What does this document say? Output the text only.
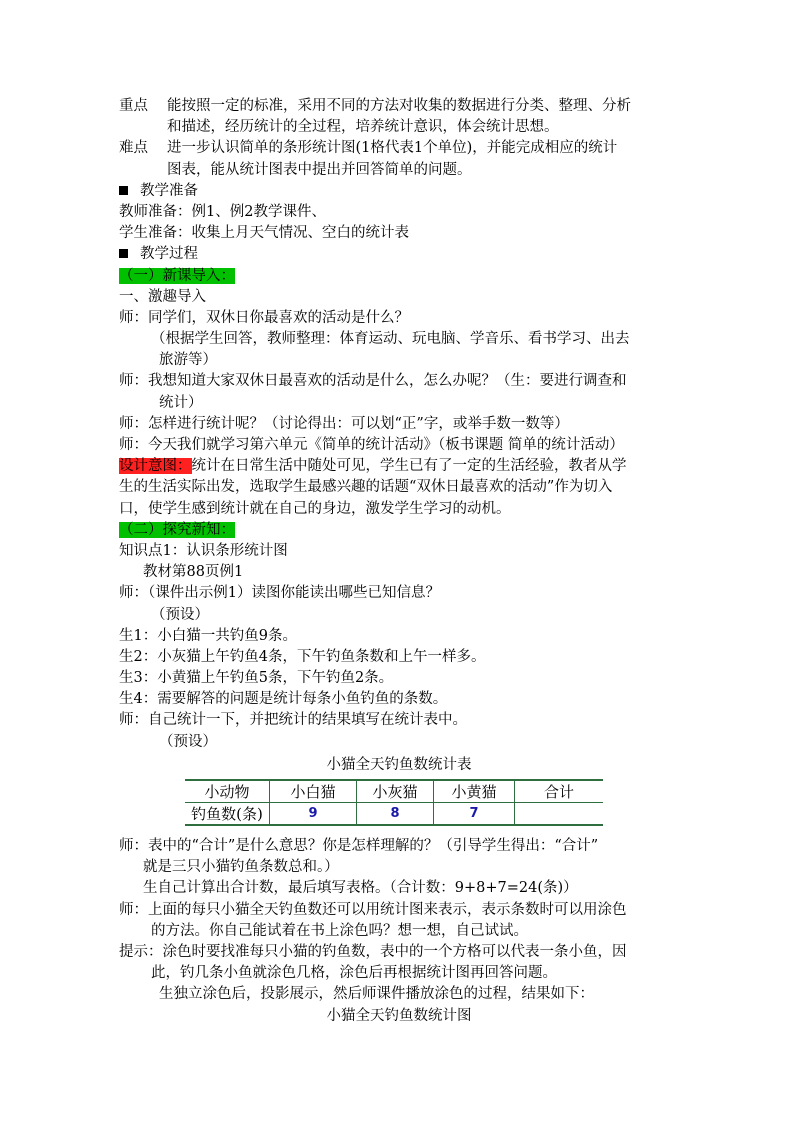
重点 能按照一定的标准，采用不同的方法对收集的数据进行分类、整理、分析
和描述，经历统计的全过程，培养统计意识，体会统计思想。
难点 进一步认识简单的条形统计图(1格代表1个单位)，并能完成相应的统计
图表，能从统计图表中提出并回答简单的问题。
教学准备
教师准备：例1、例2教学课件、
学生准备：收集上月天气情况、空白的统计表
教学过程
（一）新课导入：
一、激趣导入
师：同学们，双休日你最喜欢的活动是什么？
（根据学生回答，教师整理：体育运动、玩电脑、学音乐、看书学习、出去
旅游等）
师：我想知道大家双休日最喜欢的活动是什么，怎么办呢？（生：要进行调查和
统计）
师：怎样进行统计呢？（讨论得出：可以划“正”字，或举手数一数等）
师：今天我们就学习第六单元《简单的统计活动》（板书课题 简单的统计活动）
设计意图：统计在日常生活中随处可见，学生已有了一定的生活经验，教者从学
生的生活实际出发，选取学生最感兴趣的话题“双休日最喜欢的活动”作为切入
口，使学生感到统计就在自己的身边，激发学生学习的动机。
（二）探究新知：
知识点1：认识条形统计图
教材第88页例1
师：（课件出示例1）读图你能读出哪些已知信息？
（预设）
生1：小白猫一共钓鱼9条。
生2：小灰猫上午钓鱼4条，下午钓鱼条数和上午一样多。
生3：小黄猫上午钓鱼5条，下午钓鱼2条。
生4：需要解答的问题是统计每条小鱼钓鱼的条数。
师：自己统计一下，并把统计的结果填写在统计表中。
（预设）
小猫全天钓鱼数统计表
小动物	小白猫	小灰猫	小黄猫	合计
钓鱼数(条)	9	8	7	
师：表中的“合计”是什么意思？你是怎样理解的？（引导学生得出：“合计”
就是三只小猫钓鱼条数总和。）
生自己计算出合计数，最后填写表格。（合计数：9+8+7=24(条)）
师：上面的每只小猫全天钓鱼数还可以用统计图来表示，表示条数时可以用涂色
的方法。你自己能试着在书上涂色吗？想一想，自己试试。
提示：涂色时要找准每只小猫的钓鱼数，表中的一个方格可以代表一条小鱼，因
此，钓几条小鱼就涂色几格，涂色后再根据统计图再回答问题。
生独立涂色后，投影展示，然后师课件播放涂色的过程，结果如下：
小猫全天钓鱼数统计图
